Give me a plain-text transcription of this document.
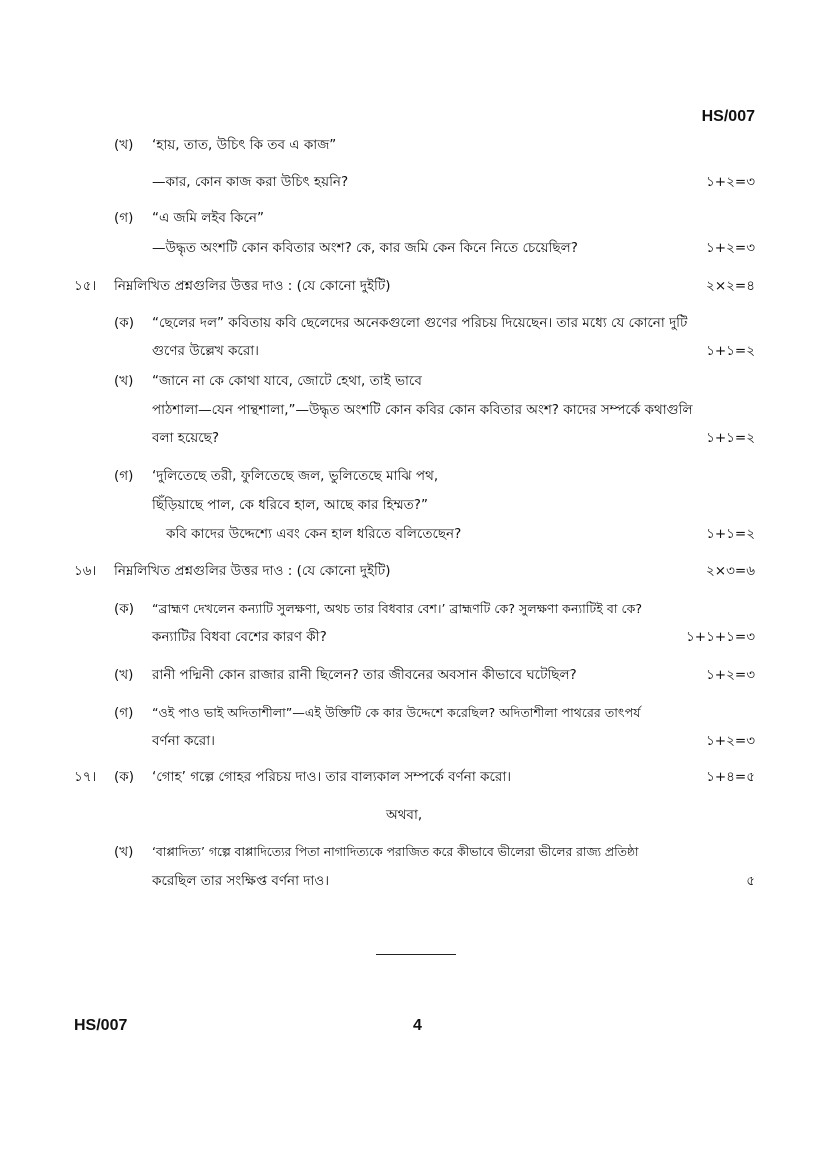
HS/007
(খ) ‘হায়, তাত, উচিৎ কি তব এ কাজ”
—কার, কোন কাজ করা উচিৎ হয়নি?	১+২=৩
(গ) “এ জমি লইব কিনে”
—উদ্ধৃত অংশটি কোন কবিতার অংশ? কে, কার জমি কেন কিনে নিতে চেয়েছিল?	১+২=৩
১৫। নিম্নলিখিত প্রশ্নগুলির উত্তর দাও : (যে কোনো দুইটি)	২×২=৪
(ক) “ছেলের দল” কবিতায় কবি ছেলেদের অনেকগুলো গুণের পরিচয় দিয়েছেন। তার মধ্যে যে কোনো দুটি
গুণের উল্লেখ করো।	১+১=২
(খ) “জানে না কে কোথা যাবে, জোটে হেথা, তাই ভাবে
পাঠশালা—যেন পান্থশালা,”—উদ্ধৃত অংশটি কোন কবির কোন কবিতার অংশ? কাদের সম্পর্কে কথাগুলি
বলা হয়েছে?	১+১=২
(গ) ‘দুলিতেছে তরী, ফুলিতেছে জল, ভুলিতেছে মাঝি পথ,
ছিঁড়িয়াছে পাল, কে ধরিবে হাল, আছে কার হিম্মত?”
কবি কাদের উদ্দেশ্যে এবং কেন হাল ধরিতে বলিতেছেন?	১+১=২
১৬। নিম্নলিখিত প্রশ্নগুলির উত্তর দাও : (যে কোনো দুইটি)	২×৩=৬
(ক) “ব্রাহ্মণ দেখলেন কন্যাটি সুলক্ষণা, অথচ তার বিধবার বেশ।’ ব্রাহ্মণটি কে? সুলক্ষণা কন্যাটিই বা কে?
কন্যাটির বিধবা বেশের কারণ কী?	১+১+১=৩
(খ) রানী পদ্মিনী কোন রাজার রানী ছিলেন? তার জীবনের অবসান কীভাবে ঘটেছিল?	১+২=৩
(গ) “ওই পাও ভাই অদিতাশীলা”—এই উক্তিটি কে কার উদ্দেশে করেছিল? অদিতাশীলা পাথরের তাৎপর্য
বর্ণনা করো।	১+২=৩
১৭। (ক) ‘গোহ’ গল্পে গোহর পরিচয় দাও। তার বাল্যকাল সম্পর্কে বর্ণনা করো।	১+৪=৫
অথবা,
(খ) ‘বাপ্পাদিত্য’ গল্পে বাপ্পাদিত্যের পিতা নাগাদিত্যকে পরাজিত করে কীভাবে ভীলেরা ভীলের রাজ্য প্রতিষ্ঠা
করেছিল তার সংক্ষিপ্ত বর্ণনা দাও।	৫
HS/007	4
